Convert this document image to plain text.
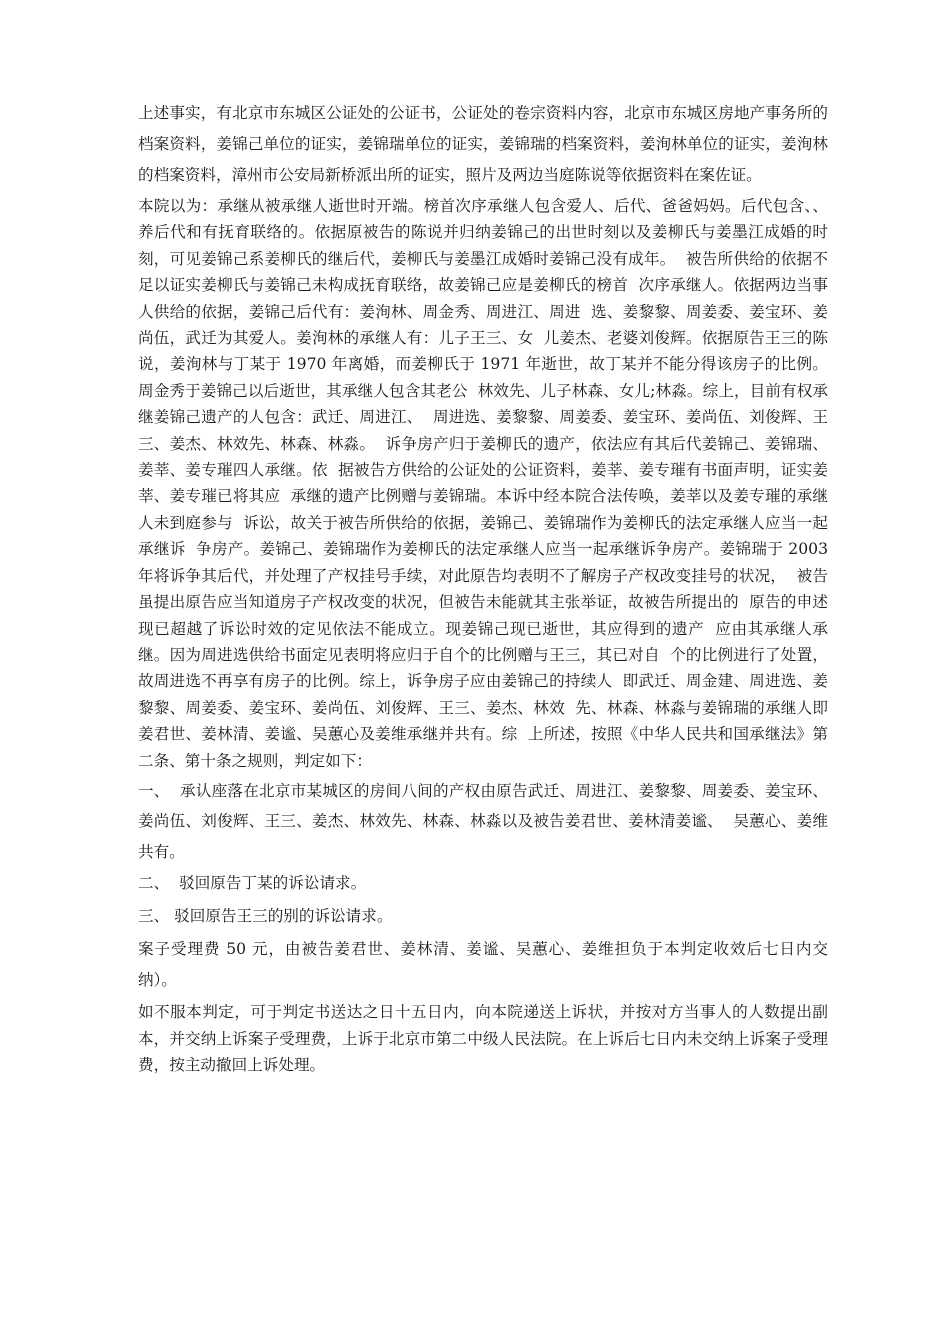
上述事实，有北京市东城区公证处的公证书，公证处的卷宗资料内容，北京市东城区房地产事务所的档案资料，姜锦己单位的证实，姜锦瑞单位的证实，姜锦瑞的档案资料，姜洵林单位的证实，姜洵林的档案资料，漳州市公安局新桥派出所的证实，照片及两边当庭陈说等依据资料在案佐证。

本院以为：承继从被承继人逝世时开端。榜首次序承继人包含爱人、后代、爸爸妈妈。后代包含、、养后代和有抚育联络的。依据原被告的陈说并归纳姜锦己的出世时刻以及姜柳氏与姜墨江成婚的时刻，可见姜锦己系姜柳氏的继后代，姜柳氏与姜墨江成婚时姜锦己没有成年。  被告所供给的依据不足以证实姜柳氏与姜锦己未构成抚育联络，故姜锦己应是姜柳氏的榜首  次序承继人。依据两边当事人供给的依据，姜锦己后代有：姜洵林、周金秀、周进江、周进  选、姜黎黎、周姜委、姜宝环、姜尚伍，武迁为其爱人。姜洵林的承继人有：儿子王三、女  儿姜杰、老婆刘俊辉。依据原告王三的陈说，姜洵林与丁某于 1970 年离婚，而姜柳氏于 1971 年逝世，故丁某并不能分得该房子的比例。周金秀于姜锦己以后逝世，其承继人包含其老公  林效先、儿子林森、女儿;林淼。综上，目前有权承继姜锦己遗产的人包含：武迁、周进江、  周进选、姜黎黎、周姜委、姜宝环、姜尚伍、刘俊辉、王三、姜杰、林效先、林森、林淼。  诉争房产归于姜柳氏的遗产，依法应有其后代姜锦己、姜锦瑞、姜莘、姜专璀四人承继。依  据被告方供给的公证处的公证资料，姜莘、姜专璀有书面声明，证实姜莘、姜专璀已将其应  承继的遗产比例赠与姜锦瑞。本诉中经本院合法传唤，姜莘以及姜专璀的承继人未到庭参与  诉讼，故关于被告所供给的依据，姜锦己、姜锦瑞作为姜柳氏的法定承继人应当一起承继诉  争房产。姜锦己、姜锦瑞作为姜柳氏的法定承继人应当一起承继诉争房产。姜锦瑞于 2003 年将诉争其后代，并处理了产权挂号手续，对此原告均表明不了解房子产权改变挂号的状况，  被告虽提出原告应当知道房子产权改变的状况，但被告未能就其主张举证，故被告所提出的  原告的申述现已超越了诉讼时效的定见依法不能成立。现姜锦己现已逝世，其应得到的遗产  应由其承继人承继。因为周进选供给书面定见表明将应归于自个的比例赠与王三，其已对自  个的比例进行了处置，故周进选不再享有房子的比例。综上，诉争房子应由姜锦己的持续人  即武迁、周金建、周进选、姜黎黎、周姜委、姜宝环、姜尚伍、刘俊辉、王三、姜杰、林效  先、林森、林淼与姜锦瑞的承继人即姜君世、姜林清、姜谧、吴蕙心及姜维承继并共有。综  上所述，按照《中华人民共和国承继法》第二条、第十条之规则，判定如下：

一、  承认座落在北京市某城区的房间八间的产权由原告武迁、周进江、姜黎黎、周姜委、姜宝环、姜尚伍、刘俊辉、王三、姜杰、林效先、林森、林淼以及被告姜君世、姜林清姜谧、  吴蕙心、姜维共有。

二、  驳回原告丁某的诉讼请求。

三、 驳回原告王三的别的诉讼请求。

案子受理费 50 元，由被告姜君世、姜林清、姜谧、吴蕙心、姜维担负于本判定收效后七日内交纳）。

如不服本判定，可于判定书送达之日十五日内，向本院递送上诉状，并按对方当事人的人数提出副本，并交纳上诉案子受理费，上诉于北京市第二中级人民法院。在上诉后七日内未交纳上诉案子受理费，按主动撤回上诉处理。
